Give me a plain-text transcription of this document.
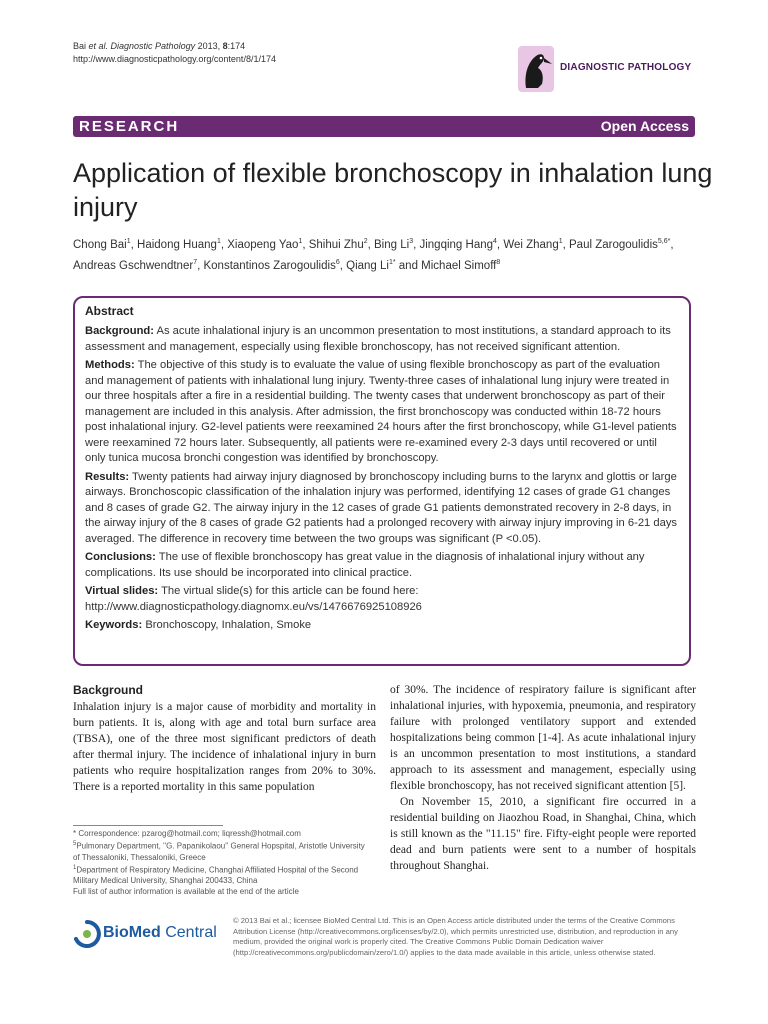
Bai et al. Diagnostic Pathology 2013, 8:174
http://www.diagnosticpathology.org/content/8/1/174
DIAGNOSTIC PATHOLOGY
RESEARCH	Open Access
Application of flexible bronchoscopy in inhalation lung injury
Chong Bai$^1$, Haidong Huang$^1$, Xiaopeng Yao$^1$, Shihui Zhu$^2$, Bing Li$^3$, Jingqing Hang$^4$, Wei Zhang$^1$, Paul Zarogoulidis$^{5,6*}$, Andreas Gschwendtner$^7$, Konstantinos Zarogoulidis$^6$, Qiang $Li^{1*}$ and Michael Simoff$^8$
Abstract

Background: As acute inhalational injury is an uncommon presentation to most institutions, a standard approach to its assessment and management, especially using flexible bronchoscopy, has not received significant attention.

Methods: The objective of this study is to evaluate the value of using flexible bronchoscopy as part of the evaluation and management of patients with inhalational lung injury. Twenty-three cases of inhalational lung injury were treated in our three hospitals after a fire in a residential building. The twenty cases that underwent bronchoscopy as part of their management are included in this analysis. After admission, the first bronchoscopy was conducted within 18-72 hours post inhalational injury. G2-level patients were reexamined 24 hours after the first bronchoscopy, while G1-level patients were reexamined 72 hours later. Subsequently, all patients were re-examined every 2-3 days until recovered or until only tunica mucosa bronchi congestion was identified by bronchoscopy.

Results: Twenty patients had airway injury diagnosed by bronchoscopy including burns to the larynx and glottis or large airways. Bronchoscopic classification of the inhalation injury was performed, identifying 12 cases of grade G1 changes and 8 cases of grade G2. The airway injury in the 12 cases of grade G1 patients demonstrated recovery in 2-8 days, in the airway injury of the 8 cases of grade G2 patients had a prolonged recovery with airway injury improving in 6-21 days averaged. The difference in recovery time between the two groups was significant (P <0.05).

Conclusions: The use of flexible bronchoscopy has great value in the diagnosis of inhalational injury without any complications. Its use should be incorporated into clinical practice.

Virtual slides: The virtual slide(s) for this article can be found here: http://www.diagnosticpathology.diagnomx.eu/vs/1476676925108926

Keywords: Bronchoscopy, Inhalation, Smoke

Background
Inhalation injury is a major cause of morbidity and mortality in burn patients. It is, along with age and total burn surface area (TBSA), one of the three most significant predictors of death after thermal injury. The incidence of inhalational injury in burn patients who require hospitalization ranges from 20% to 30%. There is a reported mortality in this same population
of 30%. The incidence of respiratory failure is significant after inhalational injuries, with hypoxemia, pneumonia, and respiratory failure with prolonged ventilatory support and extended hospitalizations being common [1-4]. As acute inhalational injury is an uncommon presentation to most institutions, a standard approach to its assessment and management, especially using flexible bronchoscopy, has not received significant attention [5].
On November 15, 2010, a significant fire occurred in a residential building on Jiaozhou Road, in Shanghai, China, which is still known as the "11.15" fire. Fifty-eight people were reported dead and burn patients were sent to a number of hospitals throughout Shanghai.
* Correspondence: pzarog@hotmail.com; liqressh@hotmail.com
$^5$Pulmonary Department, ''G. Papanikolaou'' General Hopspital, Aristotle University of Thessaloniki, Thessaloniki, Greece
$^1$Department of Respiratory Medicine, Changhai Affiliated Hospital of the Second Military Medical University, Shanghai 200433, China
Full list of author information is available at the end of the article
BioMed Central
© 2013 Bai et al.; licensee BioMed Central Ltd. This is an Open Access article distributed under the terms of the Creative Commons Attribution License (http://creativecommons.org/licenses/by/2.0), which permits unrestricted use, distribution, and reproduction in any medium, provided the original work is properly cited. The Creative Commons Public Domain Dedication waiver (http://creativecommons.org/publicdomain/zero/1.0/) applies to the data made available in this article, unless otherwise stated.
